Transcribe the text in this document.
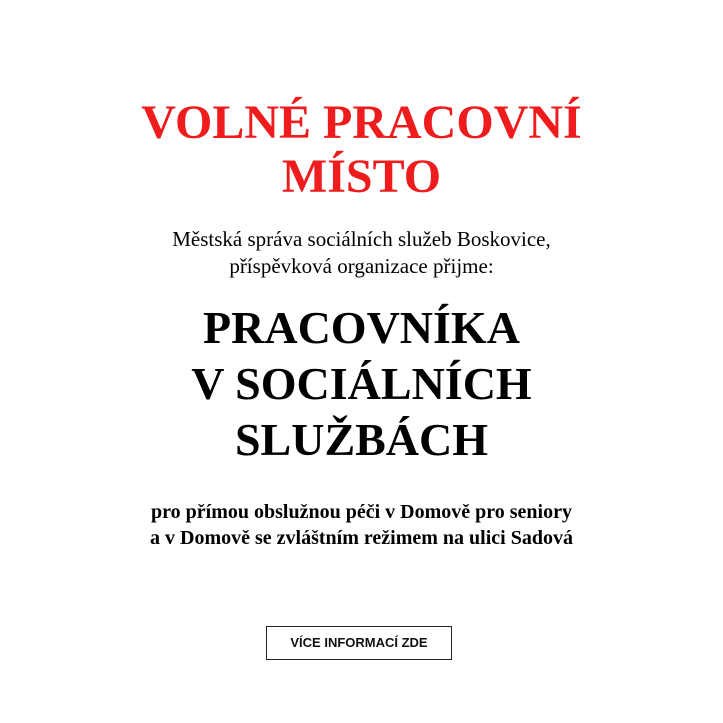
VOLNÉ PRACOVNÍ
MÍSTO
Městská správa sociálních služeb Boskovice,
příspěvková organizace přijme:
PRACOVNÍKA
V SOCIÁLNÍCH
SLUŽBÁCH
pro přímou obslužnou péči v Domově pro seniory
a v Domově se zvláštním režimem na ulici Sadová
VÍCE INFORMACÍ ZDE
